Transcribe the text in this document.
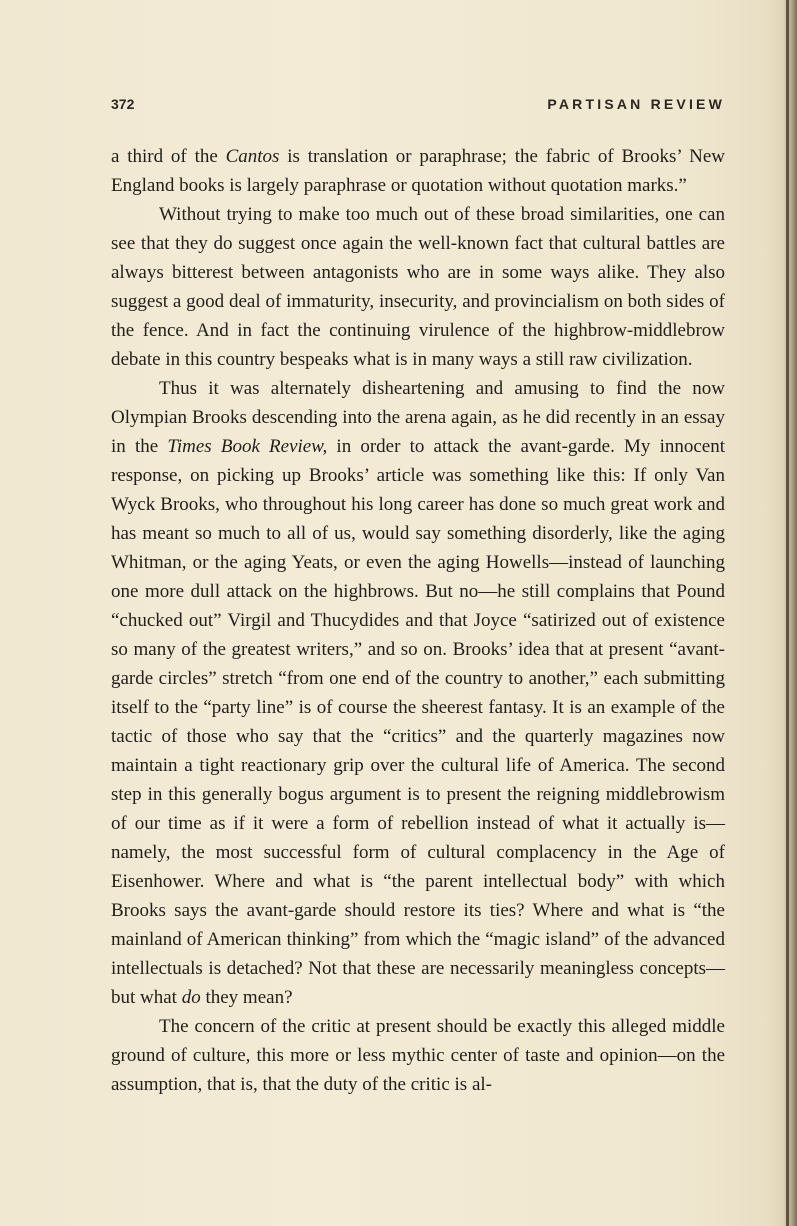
372	PARTISAN REVIEW

a third of the Cantos is translation or paraphrase; the fabric of Brooks’ New England books is largely paraphrase or quotation without quotation marks.”

Without trying to make too much out of these broad similarities, one can see that they do suggest once again the well-known fact that cultural battles are always bitterest between antagonists who are in some ways alike. They also suggest a good deal of immaturity, insecurity, and provincialism on both sides of the fence. And in fact the continuing virulence of the highbrow-middlebrow debate in this country bespeaks what is in many ways a still raw civilization.

Thus it was alternately disheartening and amusing to find the now Olympian Brooks descending into the arena again, as he did recently in an essay in the Times Book Review, in order to attack the avant-garde. My innocent response, on picking up Brooks’ article was something like this: If only Van Wyck Brooks, who throughout his long career has done so much great work and has meant so much to all of us, would say something disorderly, like the aging Whitman, or the aging Yeats, or even the aging Howells—instead of launching one more dull attack on the highbrows. But no—he still complains that Pound “chucked out” Virgil and Thucydides and that Joyce “satirized out of existence so many of the greatest writers,” and so on. Brooks’ idea that at present “avant-garde circles” stretch “from one end of the country to another,” each submitting itself to the “party line” is of course the sheerest fantasy. It is an example of the tactic of those who say that the “critics” and the quarterly magazines now maintain a tight reactionary grip over the cultural life of America. The second step in this generally bogus argument is to present the reigning middlebrowism of our time as if it were a form of rebellion instead of what it actually is—namely, the most successful form of cultural complacency in the Age of Eisenhower. Where and what is “the parent intellectual body” with which Brooks says the avant-garde should restore its ties? Where and what is “the mainland of American thinking” from which the “magic island” of the advanced intellectuals is detached? Not that these are necessarily meaningless concepts—but what do they mean?

The concern of the critic at present should be exactly this alleged middle ground of culture, this more or less mythic center of taste and opinion—on the assumption, that is, that the duty of the critic is al-
